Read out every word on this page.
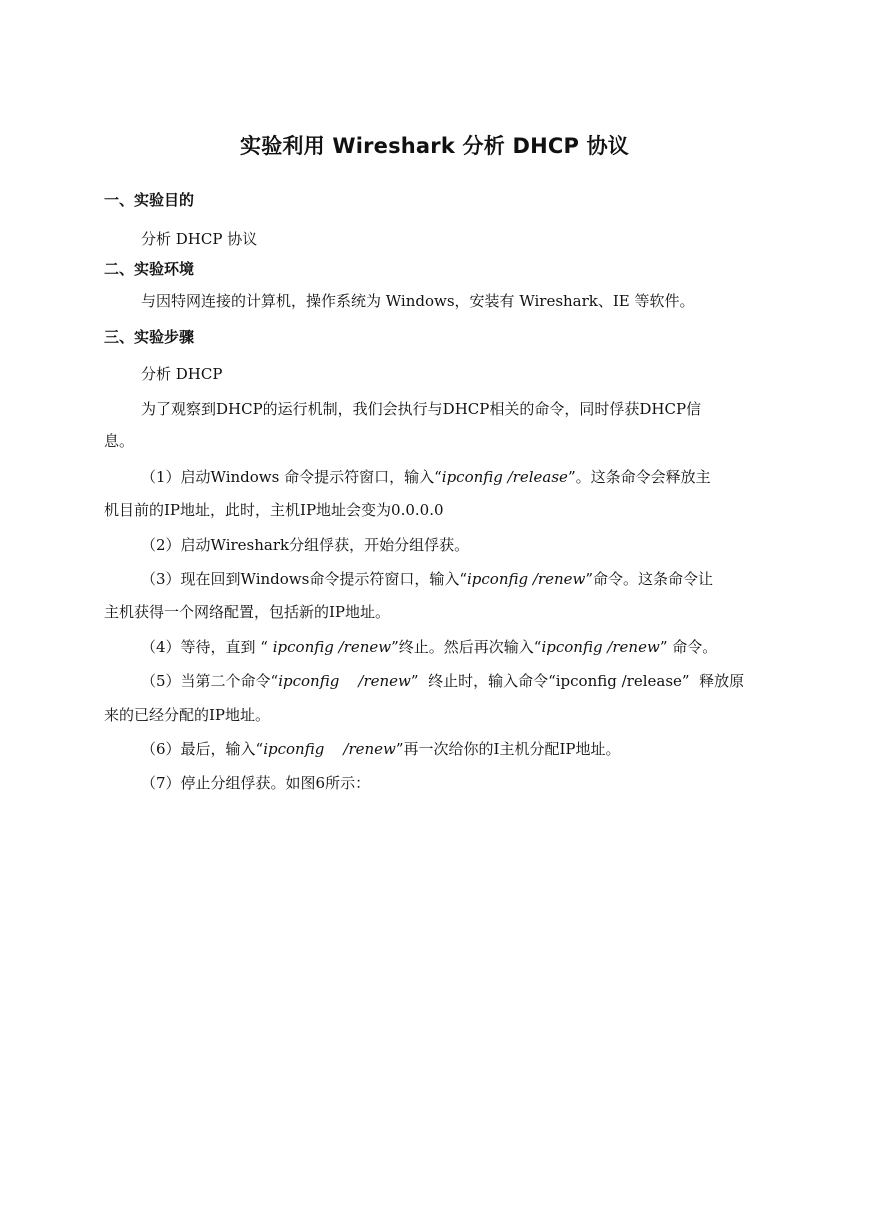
实验利用 Wireshark 分析 DHCP 协议
一、实验目的
分析 DHCP 协议
二、实验环境
与因特网连接的计算机，操作系统为 Windows，安装有 Wireshark、IE 等软件。
三、实验步骤
分析 DHCP
为了观察到DHCP的运行机制，我们会执行与DHCP相关的命令，同时俘获DHCP信
息。
（1）启动Windows 命令提示符窗口，输入“ipconfig /release”。这条命令会释放主
机目前的IP地址，此时，主机IP地址会变为0.0.0.0
（2）启动Wireshark分组俘获，开始分组俘获。
（3）现在回到Windows命令提示符窗口，输入“ipconfig /renew”命令。这条命令让
主机获得一个网络配置，包括新的IP地址。
（4）等待，直到 “ ipconfig /renew”终止。然后再次输入“ipconfig /renew” 命令。
（5）当第二个命令“ipconfig    /renew”  终止时，输入命令“ipconfig /release”  释放原
来的已经分配的IP地址。
（6）最后，输入“ipconfig    /renew”再一次给你的I主机分配IP地址。
（7）停止分组俘获。如图6所示：
